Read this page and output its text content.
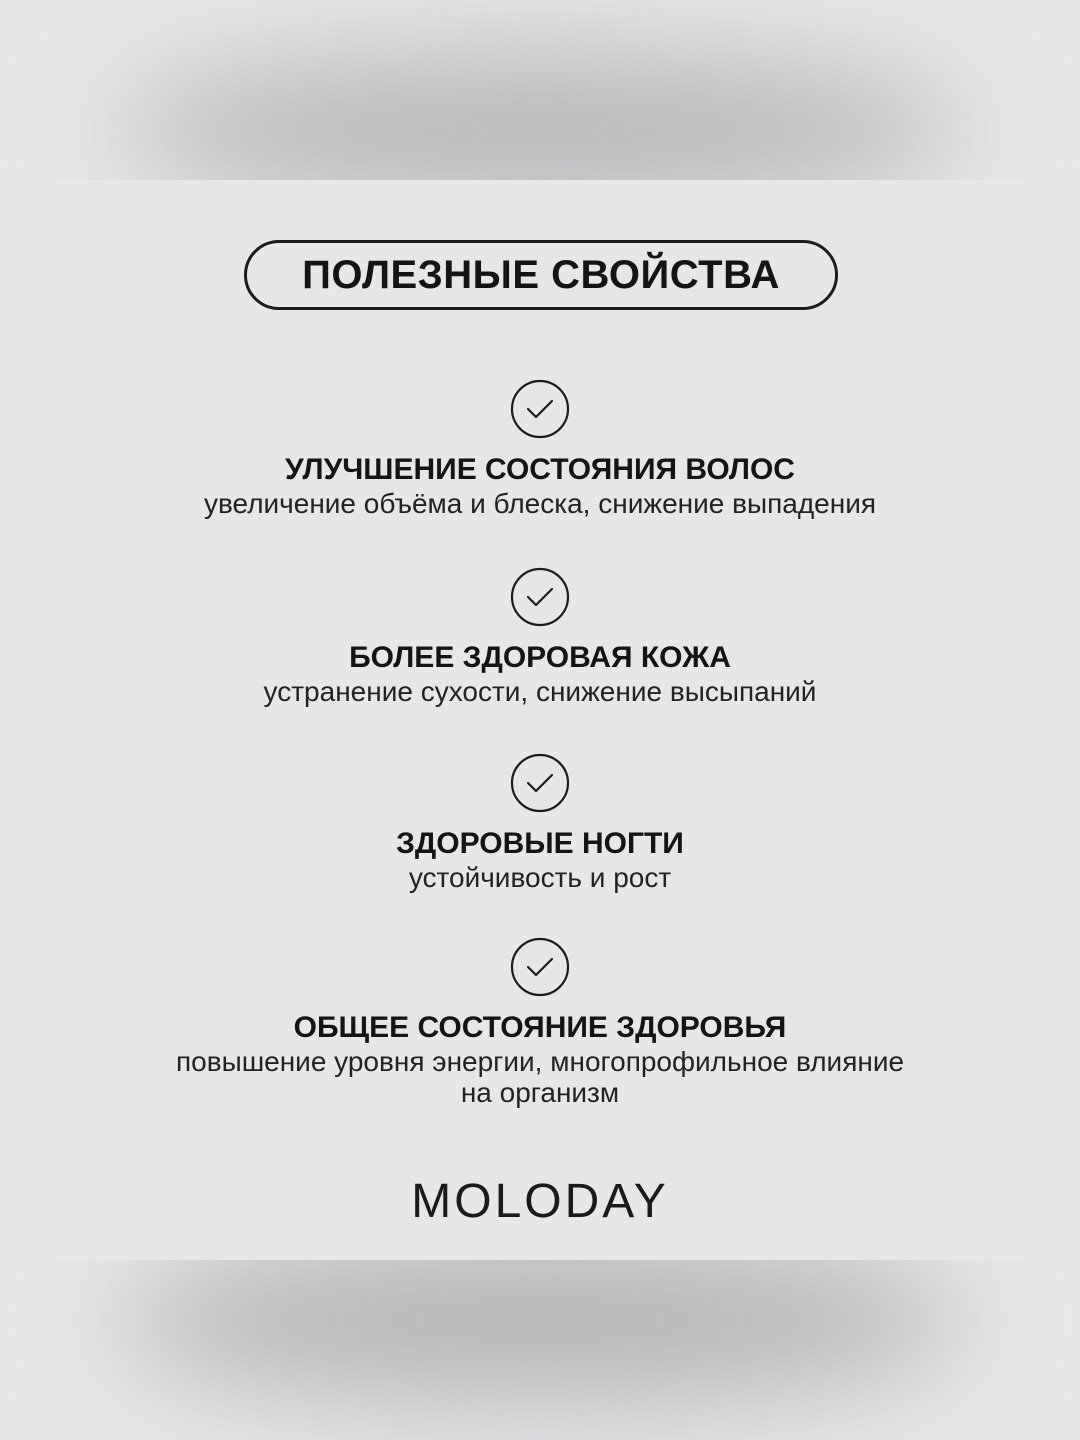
ПОЛЕЗНЫЕ СВОЙСТВА
УЛУЧШЕНИЕ СОСТОЯНИЯ ВОЛОС
увеличение объёма и блеска, снижение выпадения
БОЛЕЕ ЗДОРОВАЯ КОЖА
устранение сухости, снижение высыпаний
ЗДОРОВЫЕ НОГТИ
устойчивость и рост
ОБЩЕЕ СОСТОЯНИЕ ЗДОРОВЬЯ
повышение уровня энергии, многопрофильное влияние на организм
MOLODAY
